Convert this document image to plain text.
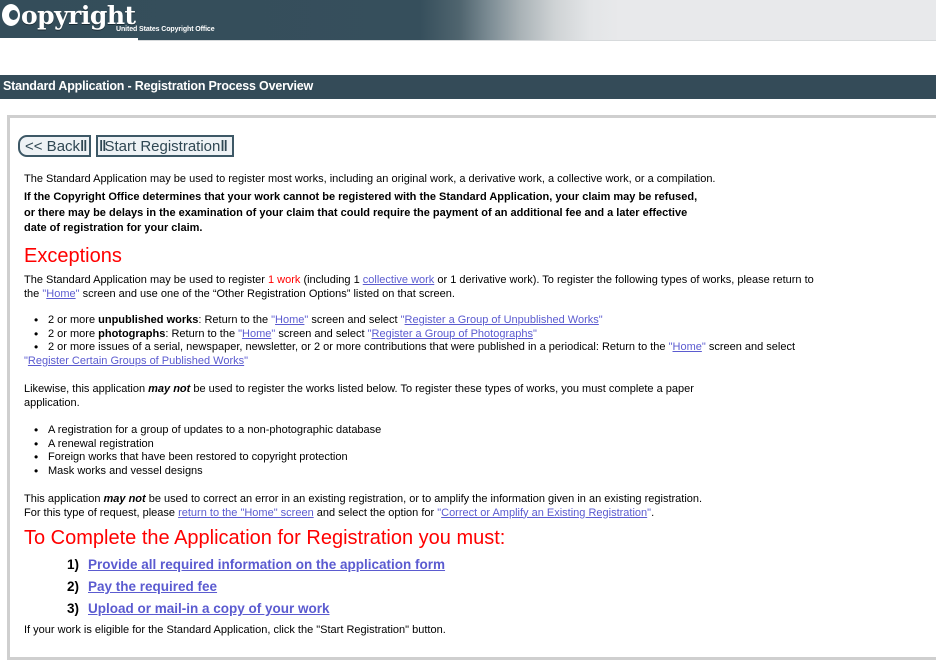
opyright
United States Copyright Office
Standard Application - Registration Process Overview
<< Back ‖ ‖ Start Registration ‖
The Standard Application may be used to register most works, including an original work, a derivative work, a collective work, or a compilation.
If the Copyright Office determines that your work cannot be registered with the Standard Application, your claim may be refused,
or there may be delays in the examination of your claim that could require the payment of an additional fee and a later effective
date of registration for your claim.
Exceptions
The Standard Application may be used to register 1 work (including 1 collective work or 1 derivative work). To register the following types of works, please return to
the "Home" screen and use one of the “Other Registration Options” listed on that screen.
• 2 or more unpublished works: Return to the "Home" screen and select "Register a Group of Unpublished Works"
• 2 or more photographs: Return to the "Home" screen and select "Register a Group of Photographs"
• 2 or more issues of a serial, newspaper, newsletter, or 2 or more contributions that were published in a periodical: Return to the "Home" screen and select
"Register Certain Groups of Published Works"
Likewise, this application may not be used to register the works listed below. To register these types of works, you must complete a paper
application.
• A registration for a group of updates to a non-photographic database
• A renewal registration
• Foreign works that have been restored to copyright protection
• Mask works and vessel designs
This application may not be used to correct an error in an existing registration, or to amplify the information given in an existing registration.
For this type of request, please return to the "Home" screen and select the option for "Correct or Amplify an Existing Registration".
To Complete the Application for Registration you must:
1) Provide all required information on the application form
2) Pay the required fee
3) Upload or mail-in a copy of your work
If your work is eligible for the Standard Application, click the "Start Registration" button.
